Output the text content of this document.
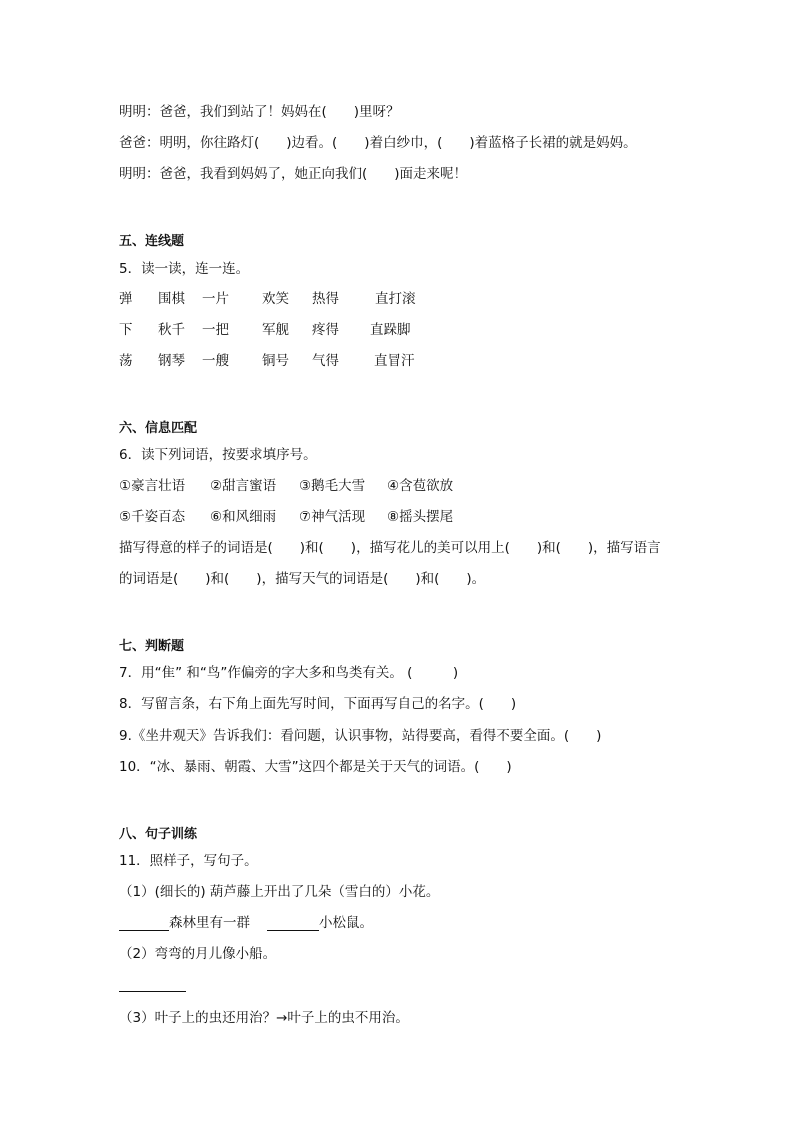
明明：爸爸，我们到站了！妈妈在(　　)里呀？
爸爸：明明，你往路灯(　　)边看。(　　)着白纱巾，(　　)着蓝格子长裙的就是妈妈。
明明：爸爸，我看到妈妈了，她正向我们(　　)面走来呢！
五、连线题
5．读一读，连一连。
弹 围棋 一片 欢笑 热得	直打滚
下 秋千 一把 军舰 疼得 直跺脚
荡 钢琴 一艘 铜号 气得	直冒汗
六、信息匹配
6．读下列词语，按要求填序号。
①豪言壮语 ②甜言蜜语 ③鹅毛大雪 ④含苞欲放
⑤千姿百态 ⑥和风细雨 ⑦神气活现 ⑧摇头摆尾
描写得意的样子的词语是(　　)和(　　)，描写花儿的美可以用上(　　)和(　　)，描写语言
的词语是(　　)和(　　)，描写天气的词语是(　　)和(　　)。
七、判断题
7．用“隹” 和“鸟”作偏旁的字大多和鸟类有关。 (　　　)
8．写留言条，右下角上面先写时间，下面再写自己的名字。(　　)
9.《坐井观天》告诉我们：看问题，认识事物，站得要高，看得不要全面。(　　)
10．“冰、暴雨、朝霞、大雪”这四个都是关于天气的词语。(　　)
八、句子训练
11．照样子，写句子。
（1）(细长的) 葫芦藤上开出了几朵（雪白的）小花。
森林里有一群	小松鼠。
（2）弯弯的月儿像小船。
（3）叶子上的虫还用治？→叶子上的虫不用治。
